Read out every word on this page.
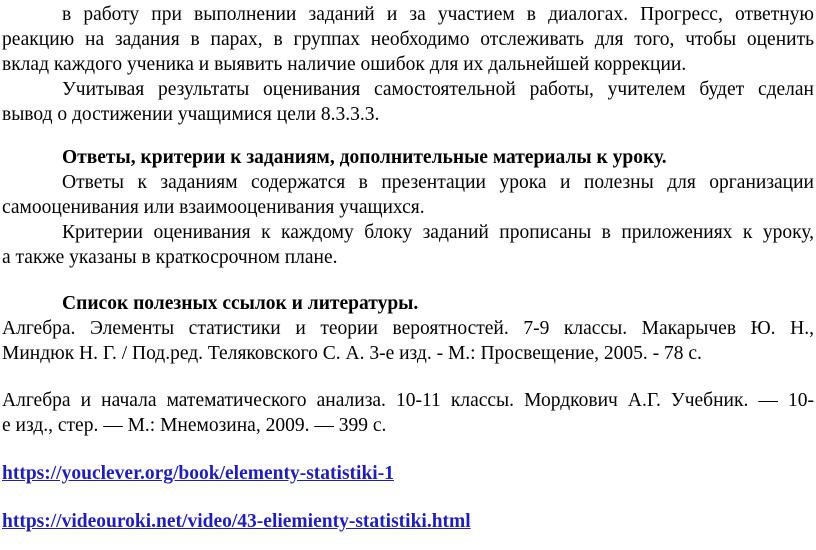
в работу при выполнении заданий и за участием в диалогах. Прогресс, ответную
реакцию на задания в парах, в группах необходимо отслеживать для того, чтобы оценить
вклад каждого ученика и выявить наличие ошибок для их дальнейшей коррекции.
Учитывая результаты оценивания самостоятельной работы, учителем будет сделан
вывод о достижении учащимися цели 8.3.3.3.
Ответы, критерии к заданиям, дополнительные материалы к уроку.
Ответы к заданиям содержатся в презентации урока и полезны для организации
самооценивания или взаимооценивания учащихся.
Критерии оценивания к каждому блоку заданий прописаны в приложениях к уроку,
а также указаны в краткосрочном плане.
Список полезных ссылок и литературы.
Алгебра. Элементы статистики и теории вероятностей. 7-9 классы. Макарычев Ю. Н.,
Миндюк Н. Г. / Под.ред. Теляковского С. А. 3-е изд. - М.: Просвещение, 2005. - 78 с.
Алгебра и начала математического анализа. 10-11 классы. Мордкович А.Г. Учебник. — 10-
е изд., стер. — М.: Мнемозина, 2009. — 399 с.
https://youclever.org/book/elementy-statistiki-1
https://videouroki.net/video/43-eliemienty-statistiki.html
